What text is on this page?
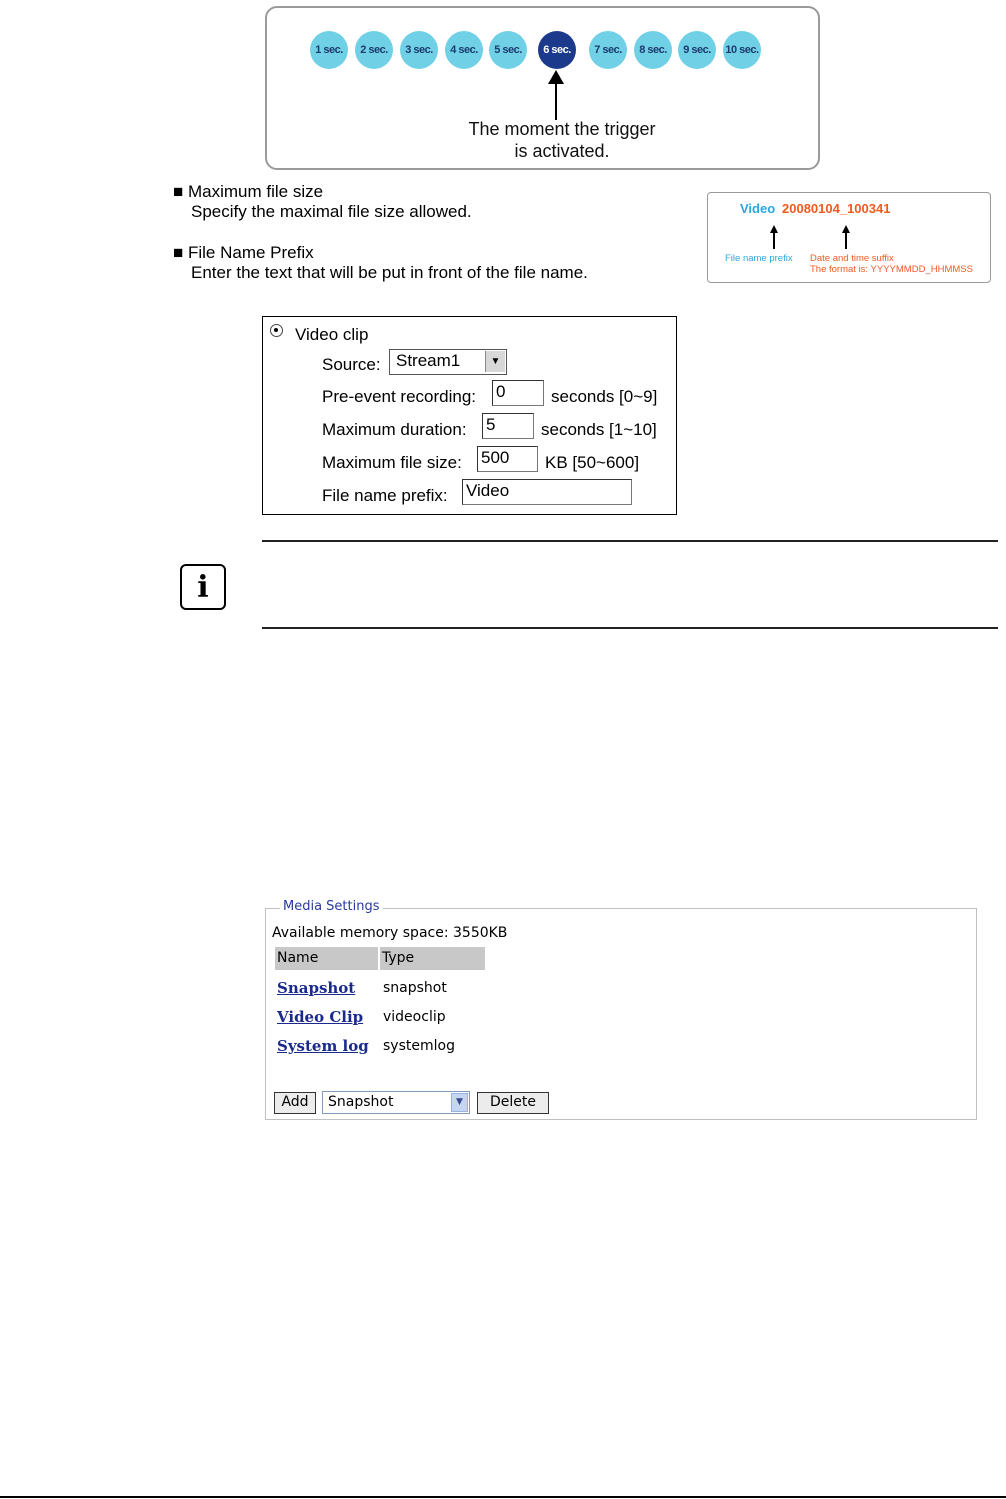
1 sec.	2 sec.	3 sec.	4 sec.	5 sec.	6 sec.	7 sec.	8 sec.	9 sec.	10 sec.
The moment the trigger
is activated.
■ Maximum file size
Specify the maximal file size allowed.
■ File Name Prefix
Enter the text that will be put in front of the file name.
Video 20080104_100341
File name prefix Date and time suffix
The format is: YYYYMMDD_HHMMSS
Video clip
Source: Stream1	▼
Pre-event recording: 0	seconds [0~9]
Maximum duration: 5	seconds [1~10]
Maximum file size: 500	KB [50~600]
File name prefix: Video
i
Media Settings
Available memory space: 3550KB
Name	Type
Snapshot snapshot
Video Clip videoclip
System log systemlog
Add	Snapshot	▼	Delete
